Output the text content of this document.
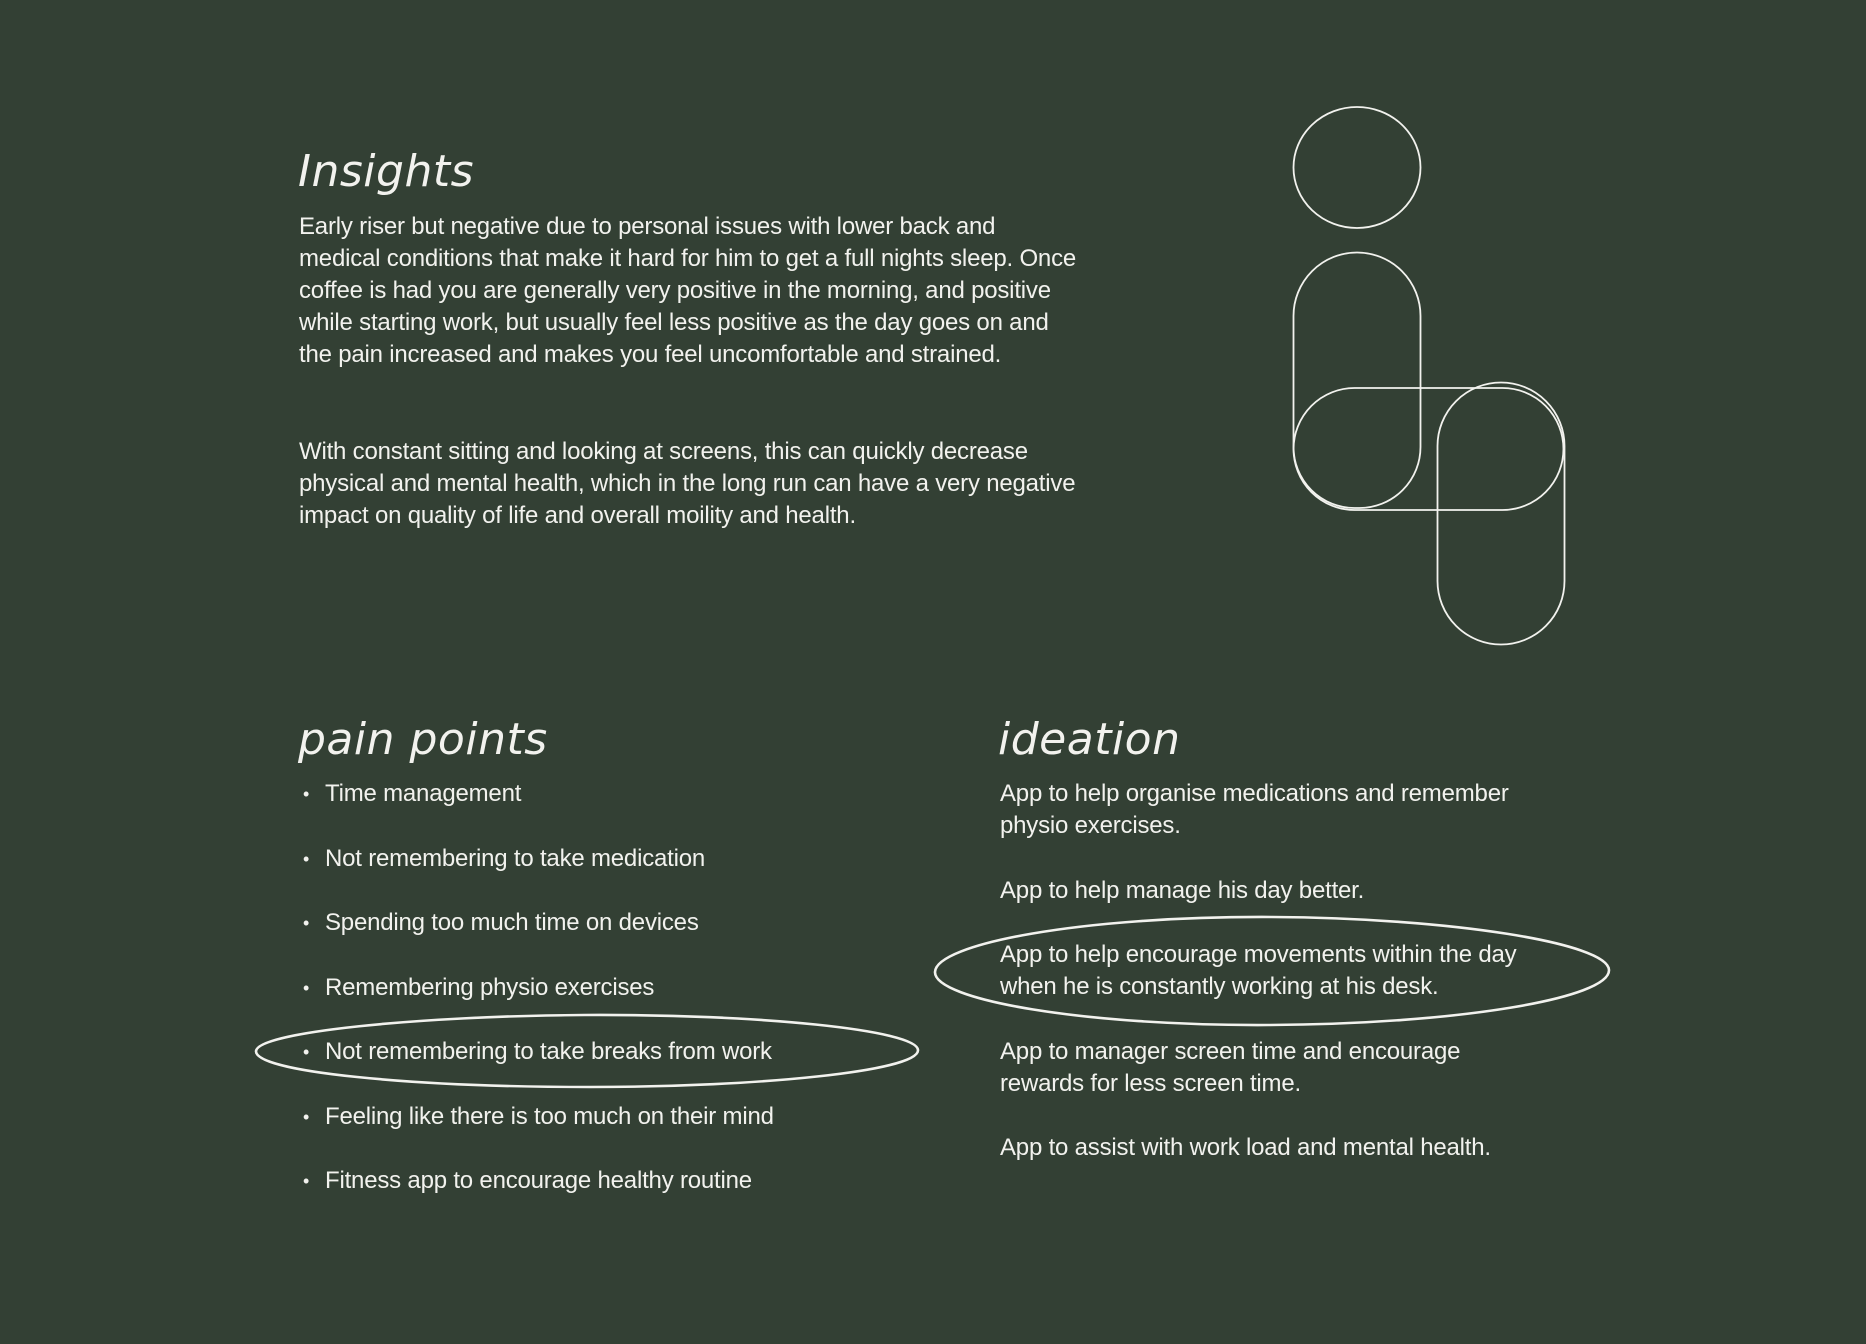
Insights

Early riser but negative due to personal issues with lower back and medical conditions that make it hard for him to get a full nights sleep. Once coffee is had you are generally very positive in the morning, and positive while starting work, but usually feel less positive as the day goes on and the pain increased and makes you feel uncomfortable and strained.

With constant sitting and looking at screens, this can quickly decrease physical and mental health, which in the long run can have a very negative impact on quality of life and overall moility and health.

pain points
• Time management
• Not remembering to take medication
• Spending too much time on devices
• Remembering physio exercises
• Not remembering to take breaks from work
• Feeling like there is too much on their mind
• Fitness app to encourage healthy routine
ideation
App to help organise medications and remember
physio exercises.
App to help manage his day better.
App to help encourage movements within the day
when he is constantly working at his desk.
App to manager screen time and encourage
rewards for less screen time.
App to assist with work load and mental health.
